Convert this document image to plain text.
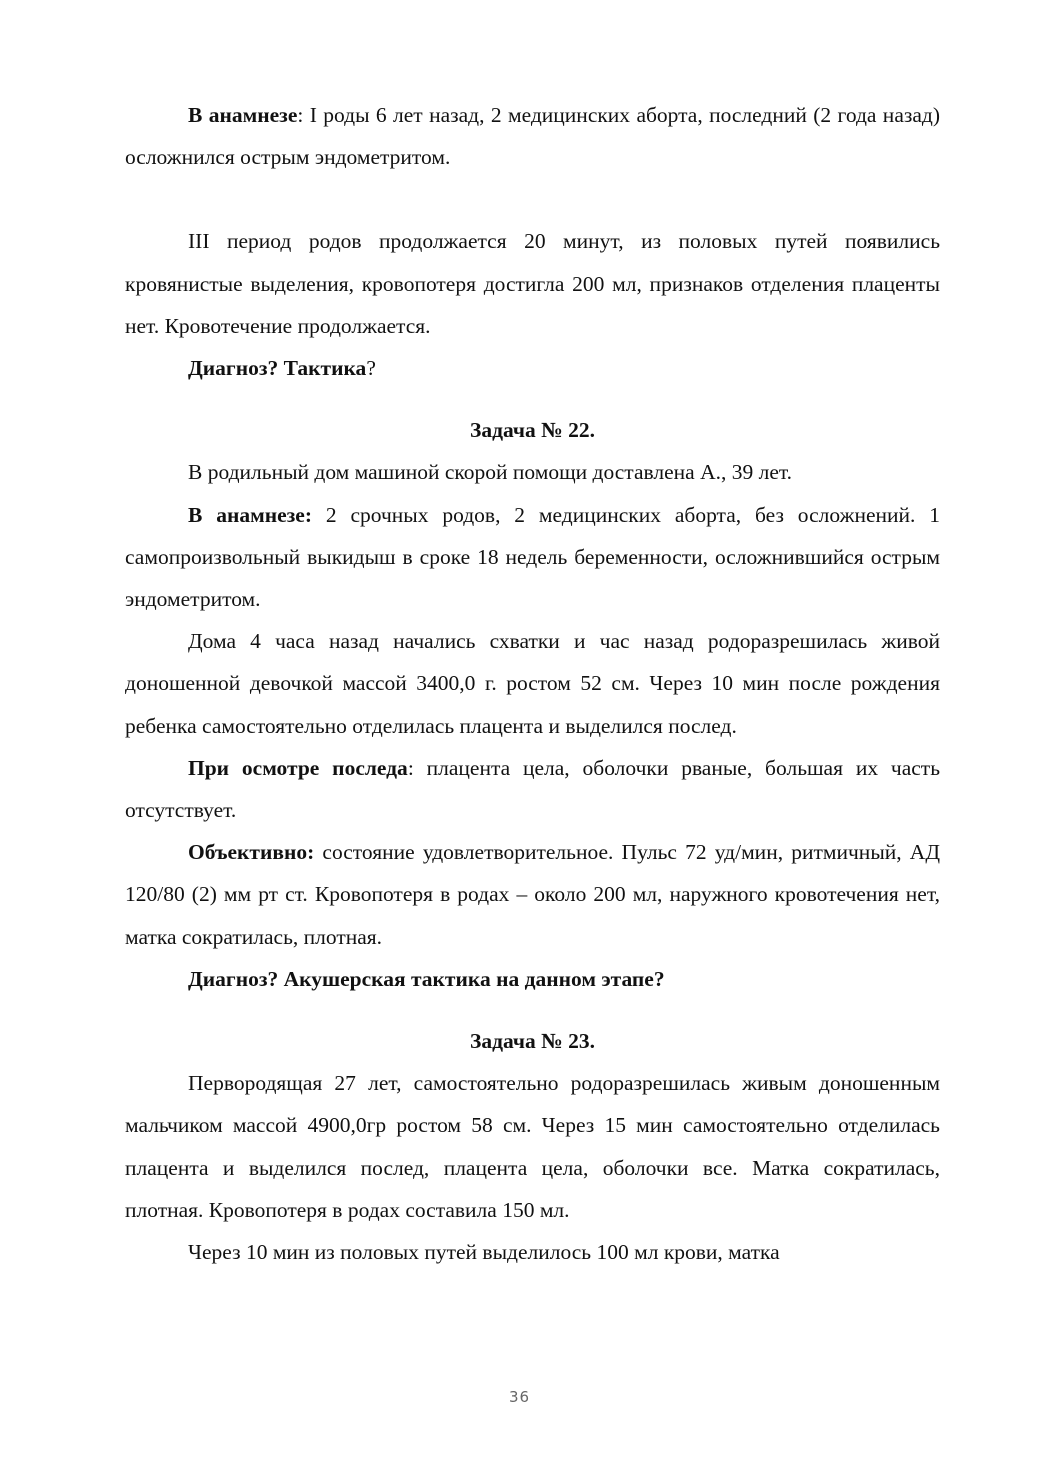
В анамнезе: I роды 6 лет назад, 2 медицинских аборта, последний (2 года назад) осложнился острым эндометритом.

III период родов продолжается 20 минут, из половых путей появились кровянистые выделения, кровопотеря достигла 200 мл, признаков отделения плаценты нет. Кровотечение продолжается.

Диагноз? Тактика?

Задача № 22.

В родильный дом машиной скорой помощи доставлена А., 39 лет.

В анамнезе: 2 срочных родов, 2 медицинских аборта, без осложнений. 1 самопроизвольный выкидыш в сроке 18 недель беременности, осложнившийся острым эндометритом.

Дома 4 часа назад начались схватки и час назад родоразрешилась живой доношенной девочкой массой 3400,0 г. ростом 52 см. Через 10 мин после рождения ребенка самостоятельно отделилась плацента и выделился послед.

При осмотре последа: плацента цела, оболочки рваные, большая их часть отсутствует.

Объективно: состояние удовлетворительное. Пульс 72 уд/мин, ритмичный, АД 120/80 (2) мм рт ст. Кровопотеря в родах – около 200 мл, наружного кровотечения нет, матка сократилась, плотная.

Диагноз? Акушерская тактика на данном этапе?

Задача № 23.

Первородящая 27 лет, самостоятельно родоразрешилась живым доношенным мальчиком массой 4900,0гр ростом 58 см. Через 15 мин самостоятельно отделилась плацента и выделился послед, плацента цела, оболочки все. Матка сократилась, плотная. Кровопотеря в родах составила 150 мл.

Через 10 мин из половых путей выделилось 100 мл крови, матка

36
